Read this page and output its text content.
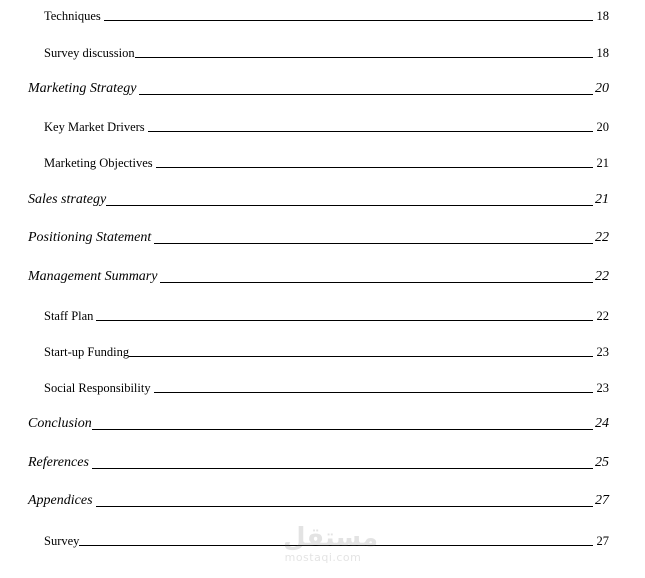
Techniques	18
Survey discussion	18
Marketing Strategy	20
Key Market Drivers	20
Marketing Objectives	21
Sales strategy	21
Positioning Statement	22
Management Summary	22
Staff Plan	22
Start-up Funding	23
Social Responsibility	23
Conclusion	24
References	25
Appendices	27
Survey	27
مستقل
mostaqi.com
